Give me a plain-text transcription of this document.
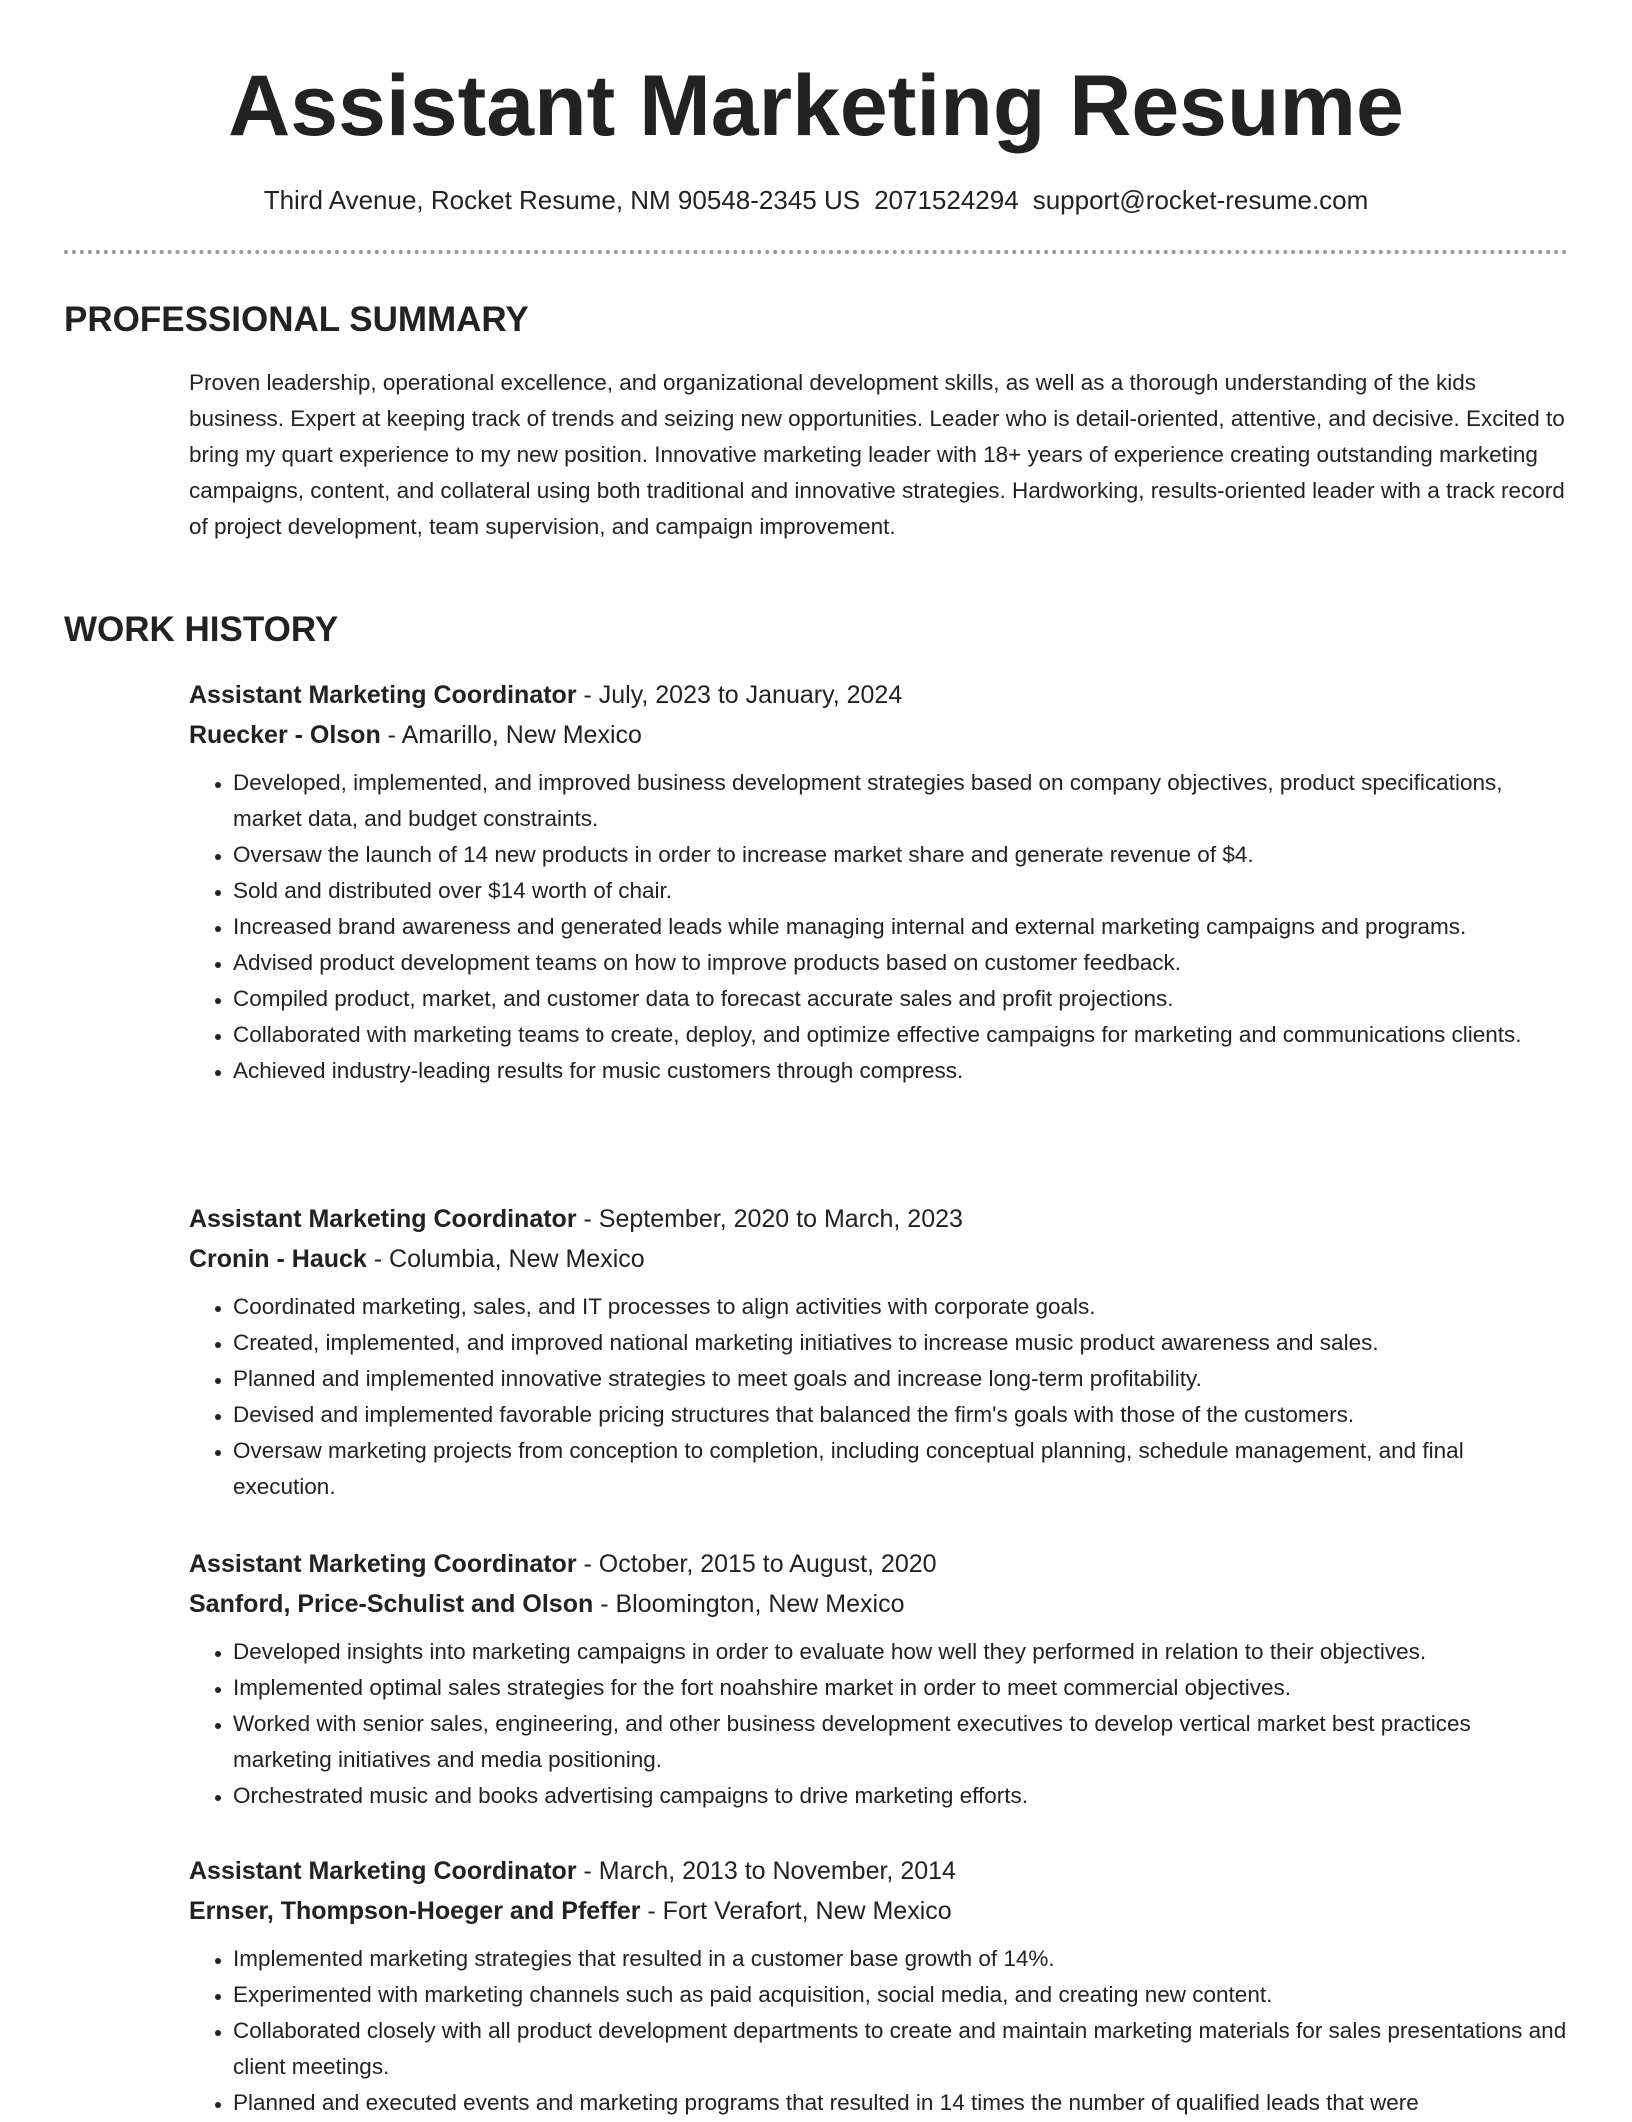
Assistant Marketing Resume
Third Avenue, Rocket Resume, NM 90548-2345 US 2071524294 support@rocket-resume.com
PROFESSIONAL SUMMARY

Proven leadership, operational excellence, and organizational development skills, as well as a thorough understanding of the kids business. Expert at keeping track of trends and seizing new opportunities. Leader who is detail-oriented, attentive, and decisive. Excited to bring my quart experience to my new position. Innovative marketing leader with 18+ years of experience creating outstanding marketing campaigns, content, and collateral using both traditional and innovative strategies. Hardworking, results-oriented leader with a track record of project development, team supervision, and campaign improvement.

WORK HISTORY
Assistant Marketing Coordinator - July, 2023 to January, 2024
Ruecker - Olson - Amarillo, New Mexico
• Developed, implemented, and improved business development strategies based on company objectives, product specifications, market data, and budget constraints.
• Oversaw the launch of 14 new products in order to increase market share and generate revenue of $4.
• Sold and distributed over $14 worth of chair.
• Increased brand awareness and generated leads while managing internal and external marketing campaigns and programs.
• Advised product development teams on how to improve products based on customer feedback.
• Compiled product, market, and customer data to forecast accurate sales and profit projections.
• Collaborated with marketing teams to create, deploy, and optimize effective campaigns for marketing and communications clients.
• Achieved industry-leading results for music customers through compress.
Assistant Marketing Coordinator - September, 2020 to March, 2023
Cronin - Hauck - Columbia, New Mexico
• Coordinated marketing, sales, and IT processes to align activities with corporate goals.
• Created, implemented, and improved national marketing initiatives to increase music product awareness and sales.
• Planned and implemented innovative strategies to meet goals and increase long-term profitability.
• Devised and implemented favorable pricing structures that balanced the firm's goals with those of the customers.
• Oversaw marketing projects from conception to completion, including conceptual planning, schedule management, and final execution.
Assistant Marketing Coordinator - October, 2015 to August, 2020
Sanford, Price-Schulist and Olson - Bloomington, New Mexico
• Developed insights into marketing campaigns in order to evaluate how well they performed in relation to their objectives.
• Implemented optimal sales strategies for the fort noahshire market in order to meet commercial objectives.
• Worked with senior sales, engineering, and other business development executives to develop vertical market best practices marketing initiatives and media positioning.
• Orchestrated music and books advertising campaigns to drive marketing efforts.
Assistant Marketing Coordinator - March, 2013 to November, 2014
Ernser, Thompson-Hoeger and Pfeffer - Fort Verafort, New Mexico
• Implemented marketing strategies that resulted in a customer base growth of 14%.
• Experimented with marketing channels such as paid acquisition, social media, and creating new content.
• Collaborated closely with all product development departments to create and maintain marketing materials for sales presentations and client meetings.
• Planned and executed events and marketing programs that resulted in 14 times the number of qualified leads that were
